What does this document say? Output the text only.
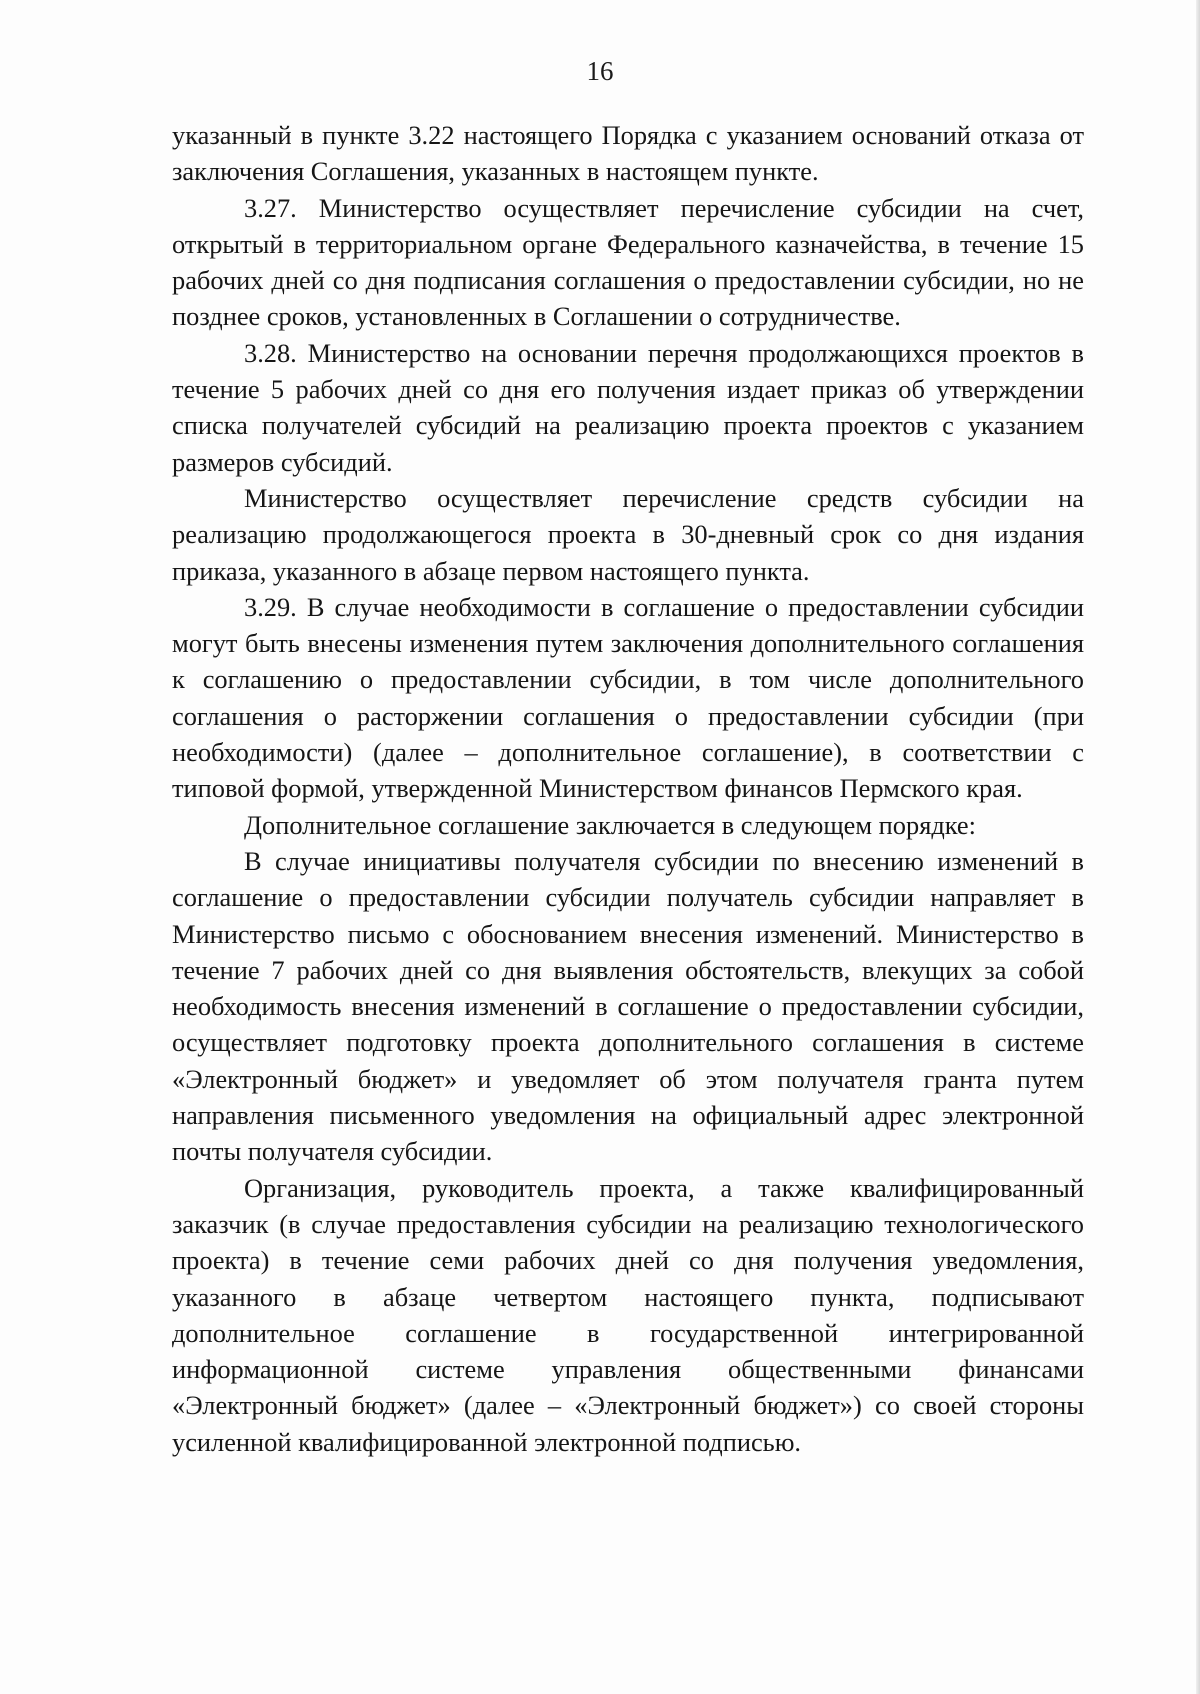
16

указанный в пункте 3.22 настоящего Порядка с указанием оснований отказа от заключения Соглашения, указанных в настоящем пункте.

3.27. Министерство осуществляет перечисление субсидии на счет, открытый в территориальном органе Федерального казначейства, в течение 15 рабочих дней со дня подписания соглашения о предоставлении субсидии, но не позднее сроков, установленных в Соглашении о сотрудничестве.

3.28. Министерство на основании перечня продолжающихся проектов в течение 5 рабочих дней со дня его получения издает приказ об утверждении списка получателей субсидий на реализацию проекта проектов с указанием размеров субсидий.

Министерство осуществляет перечисление средств субсидии на реализацию продолжающегося проекта в 30-дневный срок со дня издания приказа, указанного в абзаце первом настоящего пункта.

3.29. В случае необходимости в соглашение о предоставлении субсидии могут быть внесены изменения путем заключения дополнительного соглашения к соглашению о предоставлении субсидии, в том числе дополнительного соглашения о расторжении соглашения о предоставлении субсидии (при необходимости) (далее – дополнительное соглашение), в соответствии с типовой формой, утвержденной Министерством финансов Пермского края.

Дополнительное соглашение заключается в следующем порядке:

В случае инициативы получателя субсидии по внесению изменений в соглашение о предоставлении субсидии получатель субсидии направляет в Министерство письмо с обоснованием внесения изменений. Министерство в течение 7 рабочих дней со дня выявления обстоятельств, влекущих за собой необходимость внесения изменений в соглашение о предоставлении субсидии, осуществляет подготовку проекта дополнительного соглашения в системе «Электронный бюджет» и уведомляет об этом получателя гранта путем направления письменного уведомления на официальный адрес электронной почты получателя субсидии.

Организация, руководитель проекта, а также квалифицированный заказчик (в случае предоставления субсидии на реализацию технологического проекта) в течение семи рабочих дней со дня получения уведомления, указанного в абзаце четвертом настоящего пункта, подписывают дополнительное соглашение в государственной интегрированной информационной системе управления общественными финансами «Электронный бюджет» (далее – «Электронный бюджет») со своей стороны усиленной квалифицированной электронной подписью.
